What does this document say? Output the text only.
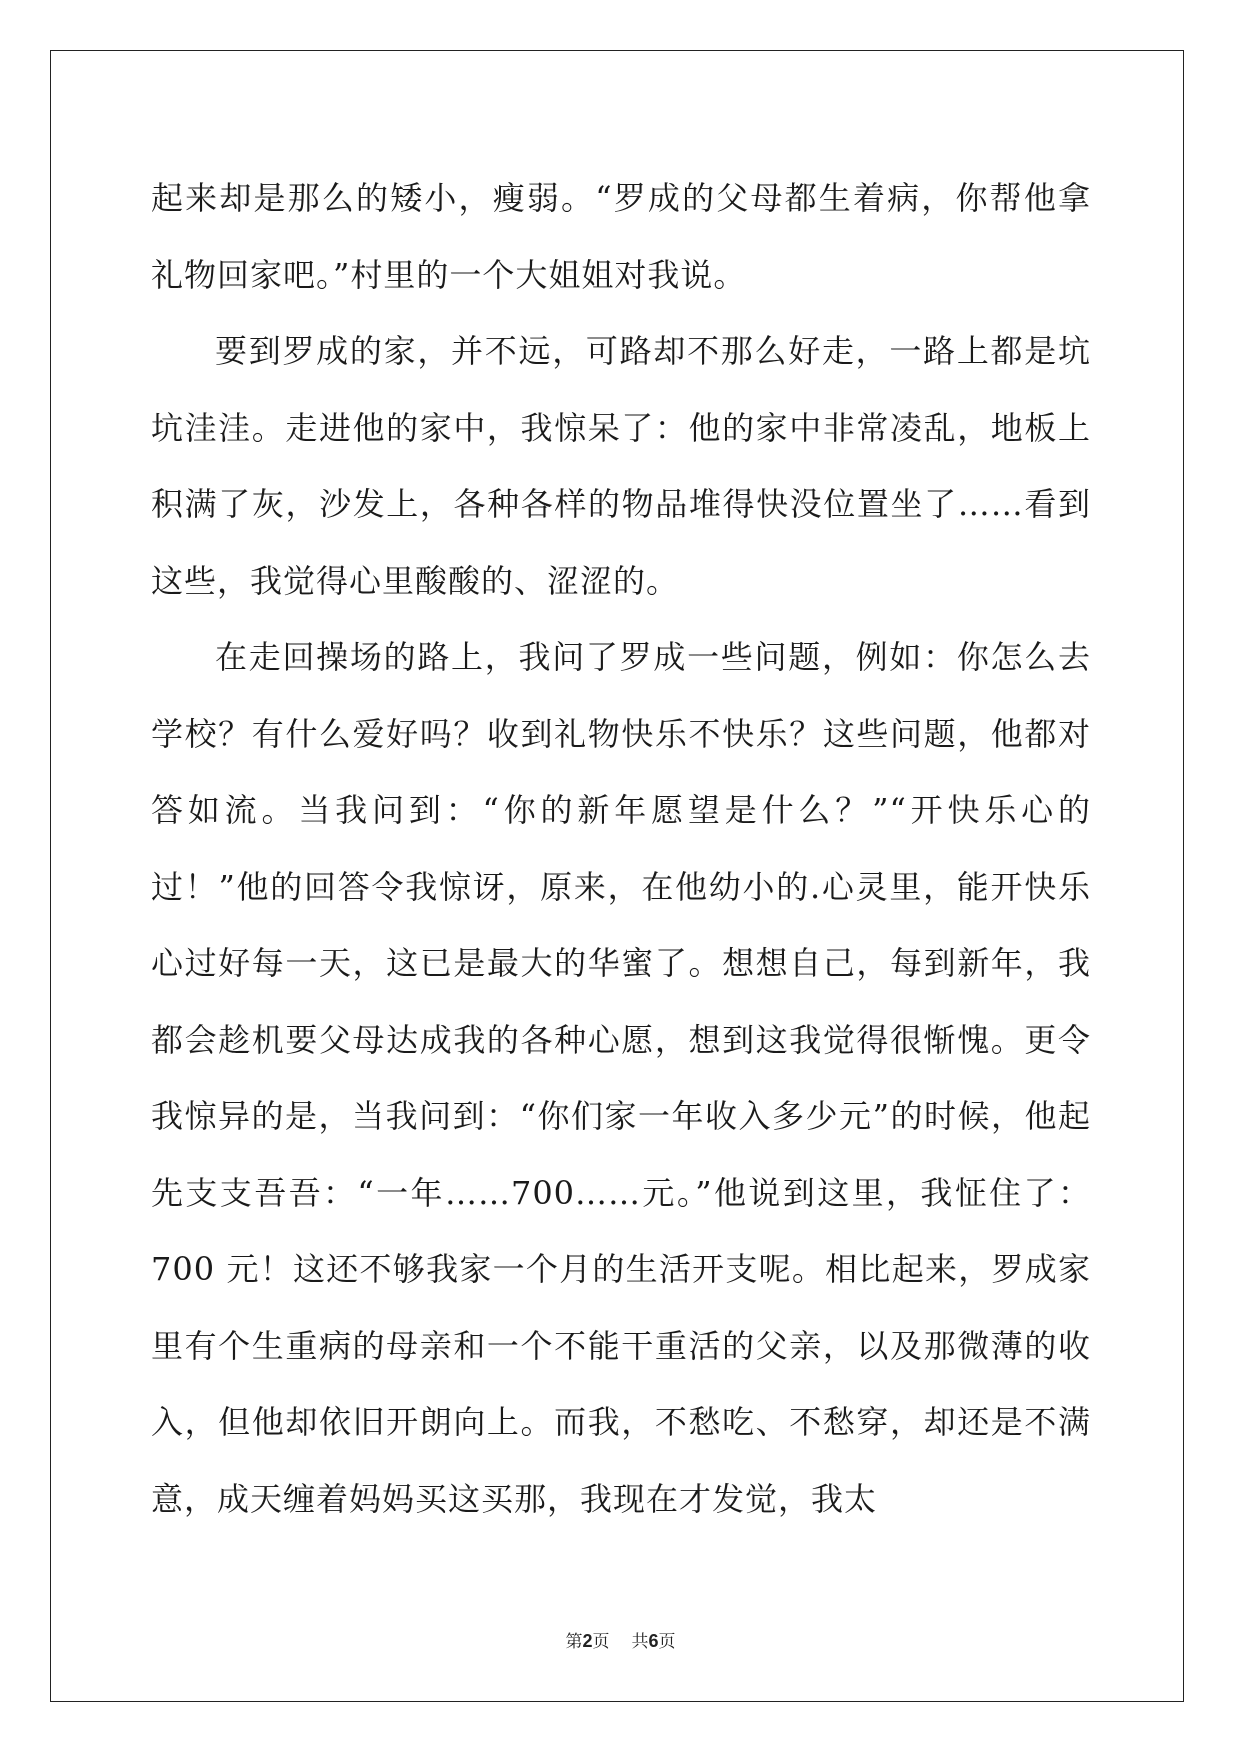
起来却是那么的矮小，瘦弱。“罗成的父母都生着病，你帮他拿礼物回家吧。”村里的一个大姐姐对我说。

要到罗成的家，并不远，可路却不那么好走，一路上都是坑坑洼洼。走进他的家中，我惊呆了：他的家中非常凌乱，地板上积满了灰，沙发上，各种各样的物品堆得快没位置坐了……看到这些，我觉得心里酸酸的、涩涩的。

在走回操场的路上，我问了罗成一些问题，例如：你怎么去学校？有什么爱好吗？收到礼物快乐不快乐？这些问题，他都对答如流。当我问到：“你的新年愿望是什么？”“开快乐心的过！”他的回答令我惊讶，原来，在他幼小的.心灵里，能开快乐心过好每一天，这已是最大的华蜜了。想想自己，每到新年，我都会趁机要父母达成我的各种心愿，想到这我觉得很惭愧。更令我惊异的是，当我问到：“你们家一年收入多少元”的时候，他起先支支吾吾：“一年……700……元。”他说到这里，我怔住了：700 元！这还不够我家一个月的生活开支呢。相比起来，罗成家里有个生重病的母亲和一个不能干重活的父亲，以及那微薄的收入，但他却依旧开朗向上。而我，不愁吃、不愁穿，却还是不满意，成天缠着妈妈买这买那，我现在才发觉，我太

第2页 共6页
